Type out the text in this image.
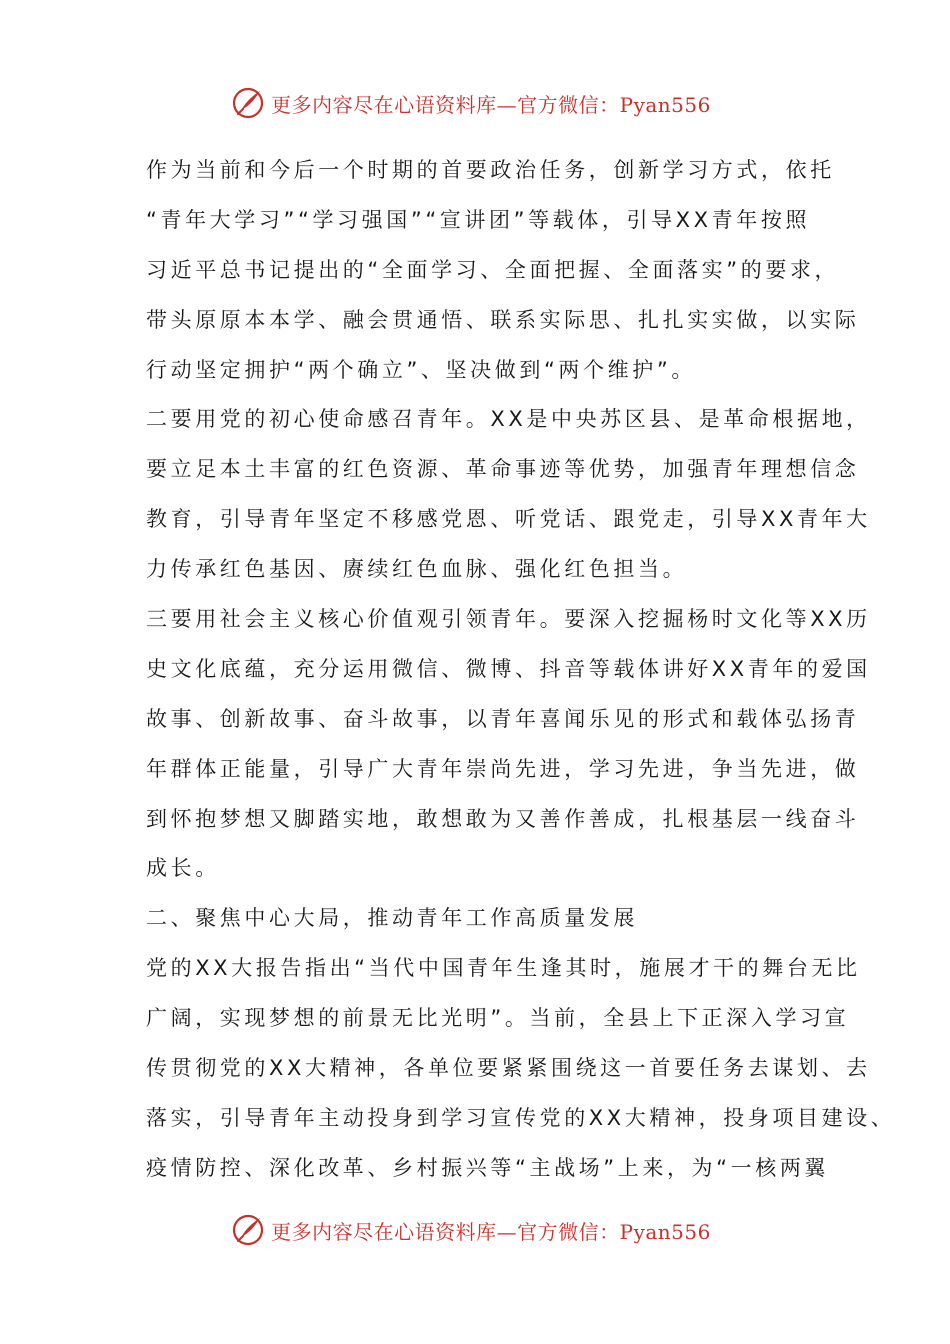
更多内容尽在心语资料库—官方微信：Pyan556
作为当前和今后一个时期的首要政治任务，创新学习方式，依托
“青年大学习”“学习强国”“宣讲团”等载体，引导XX青年按照
习近平总书记提出的“全面学习、全面把握、全面落实”的要求，
带头原原本本学、融会贯通悟、联系实际思、扎扎实实做，以实际
行动坚定拥护“两个确立”、坚决做到“两个维护”。
二要用党的初心使命感召青年。XX是中央苏区县、是革命根据地，
要立足本土丰富的红色资源、革命事迹等优势，加强青年理想信念
教育，引导青年坚定不移感党恩、听党话、跟党走，引导XX青年大
力传承红色基因、赓续红色血脉、强化红色担当。
三要用社会主义核心价值观引领青年。要深入挖掘杨时文化等XX历
史文化底蕴，充分运用微信、微博、抖音等载体讲好XX青年的爱国
故事、创新故事、奋斗故事，以青年喜闻乐见的形式和载体弘扬青
年群体正能量，引导广大青年崇尚先进，学习先进，争当先进，做
到怀抱梦想又脚踏实地，敢想敢为又善作善成，扎根基层一线奋斗
成长。
二、聚焦中心大局，推动青年工作高质量发展
党的XX大报告指出“当代中国青年生逢其时，施展才干的舞台无比
广阔，实现梦想的前景无比光明”。当前，全县上下正深入学习宣
传贯彻党的XX大精神，各单位要紧紧围绕这一首要任务去谋划、去
落实，引导青年主动投身到学习宣传党的XX大精神，投身项目建设、
疫情防控、深化改革、乡村振兴等“主战场”上来，为“一核两翼
更多内容尽在心语资料库—官方微信：Pyan556
